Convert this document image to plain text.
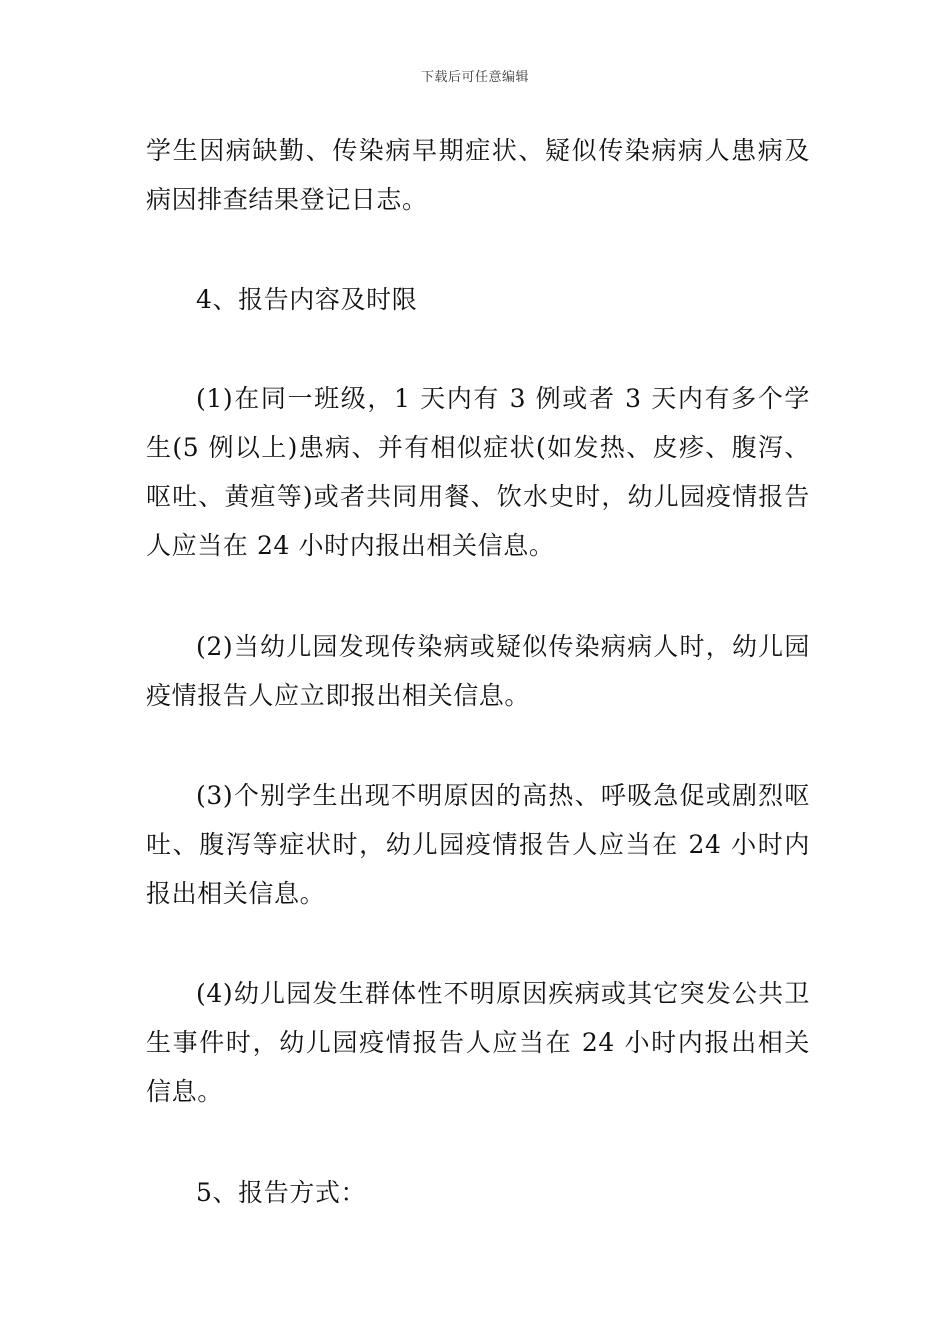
下载后可任意编辑

学生因病缺勤、传染病早期症状、疑似传染病病人患病及病因排查结果登记日志。

4、报告内容及时限

(1)在同一班级，1 天内有 3 例或者 3 天内有多个学生(5 例以上)患病、并有相似症状(如发热、皮疹、腹泻、呕吐、黄疸等)或者共同用餐、饮水史时，幼儿园疫情报告人应当在 24 小时内报出相关信息。

(2)当幼儿园发现传染病或疑似传染病病人时，幼儿园疫情报告人应立即报出相关信息。

(3)个别学生出现不明原因的高热、呼吸急促或剧烈呕吐、腹泻等症状时，幼儿园疫情报告人应当在 24 小时内报出相关信息。

(4)幼儿园发生群体性不明原因疾病或其它突发公共卫生事件时，幼儿园疫情报告人应当在 24 小时内报出相关信息。

5、报告方式：
